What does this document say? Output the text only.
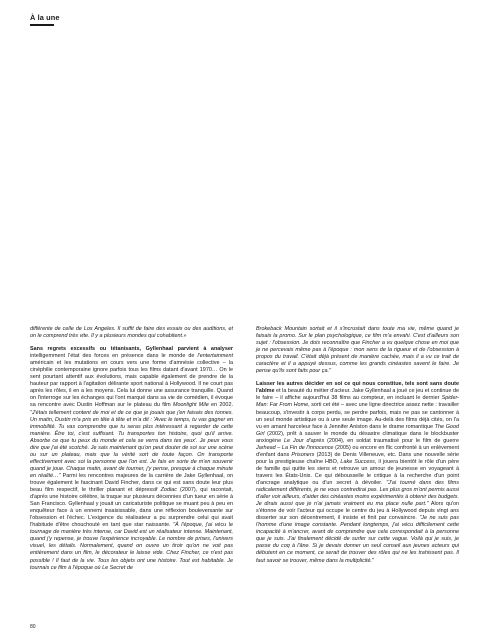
À la une

différente de celle de Los Angeles. Il suffit de faire des essais ou des auditions, et on le comprend très vite. Il y a plusieurs mondes qui cohabitent.»

Sans regrets excessifs ou tétanisants, Gyllenhaal parvient à analyser intelligemment l'état des forces en présence dans le monde de l'entertainment américain et les mutations en cours vers une forme d'amnésie collective – la cinéphilie contemporaine ignore parfois tous les films datant d'avant 1970… On le sent pourtant attentif aux évolutions, mais capable également de prendre de la hauteur par rapport à l'agitation délirante sport national à Hollywood. Il ne court pas après les rôles, il en a les moyens. Cela lui donne une assurance tranquille. Quand on l'interroge sur les échanges qui l'ont marqué dans sa vie de comédien, il évoque sa rencontre avec Dustin Hoffman sur le plateau du film Moonlight Mile en 2002. "J'étais tellement content de moi et de ce que je jouais que j'en faisais des tonnes. Un matin, Dustin m'a pris en tête à tête et m'a dit : 'Avec le temps, tu vas gagner en immobilité. Tu vas comprendre que tu seras plus intéressant à regarder de cette manière. Être toi, c'est suffisant. Tu transportes ton histoire, quoi qu'il arrive. Absorbe ce que tu peux du monde et cela se verra dans tes yeux'. Je peux vous dire que j'ai été scotché. Je sais maintenant qu'on peut douter de soi sur une scène ou sur un plateau, mais que la vérité sort de toute façon. On transporte effectivement avec soi la personne que l'on est. Je fais en sorte de m'en souvenir quand je joue. Chaque matin, avant de tourner, j'y pense, presque à chaque minute en réalité…" Parmi les rencontres majeures de la carrière de Jake Gyllenhaal, on trouve également le fascinant David Fincher, dans ce qui est sans doute leur plus beau film respectif, le thriller planant et dépressif Zodiac (2007), qui racontait, d'après une histoire célèbre, la traque sur plusieurs décennies d'un tueur en série à San Francisco. Gyllenhaal y jouait un caricaturiste politique se muant peu à peu en enquêteur face à un ennemi insaisissable, dans une réflexion bouleversante sur l'obsession et l'échec. L'exigence du réalisateur a pu surprendre celui qui avait l'habitude d'être chouchouté en tant que star naissante. "À l'époque, j'ai vécu le tournage de manière très intense, car David est un réalisateur intense. Maintenant, quand j'y repense, je trouve l'expérience incroyable. Le nombre de prises, l'univers visuel, les détails. Normalement, quand on ouvre un tiroir qu'on ne voit pas entièrement dans un film, le décorateur le laisse vide. Chez Fincher, ce n'est pas possible ! Il faut de la vie. Tous les objets ont une histoire. Tout est habitable. Je tournais ce film à l'époque où Le Secret de

Brokeback Mountain sortait et il s'incrustait dans toute ma vie, même quand je faisais la promo. Sur le plan psychologique, ce film m'a envahi. C'est d'ailleurs son sujet : l'obsession. Je dois reconnaître que Fincher a vu quelque chose en moi que je ne percevais même pas à l'époque : mon sens de la rigueur et de l'obsession à propos du travail. C'était déjà présent de manière cachée, mais il a vu ce trait de caractère et il a appuyé dessus, comme les grands cinéastes savent le faire. Je pense qu'ils sont faits pour ça."

Laisser les autres décider en soi ce qui nous constitue, tels sont sans doute l'abîme et la beauté du métier d'acteur. Jake Gyllenhaal a joué ce jeu et continue de le faire – il affiche aujourd'hui 38 films au compteur, en incluant le dernier Spider-Man: Far From Home, sorti cet été – avec une ligne directrice assez nette : travailler beaucoup, s'investir à corps perdu, se perdre parfois, mais ne pas se cantonner à un seul monde artistique ou à une seule image. Au-delà des films déjà cités, on l'a vu en amant harceleur face à Jennifer Aniston dans le drame romantique The Good Girl (2002), prêt à sauver le monde du désastre climatique dans le blockbuster anxiogène Le Jour d'après (2004), en soldat traumatisé pour le film de guerre Jarhead – La Fin de l'innocence (2005) ou encore en flic confronté à un enlèvement d'enfant dans Prisoners (2013) de Denis Villeneuve, etc. Dans une nouvelle série pour la prestigieuse chaîne HBO, Lake Success, il jouera bientôt le rôle d'un père de famille qui quitte les siens et retrouve un amour de jeunesse en voyageant à travers les États-Unis. Ce qui débousselle le critique à la recherche d'un point d'ancrage analytique ou d'un secret à dévoiler. "J'ai tourné dans des films radicalement différents, je ne vous contredirai pas. Les plus gros m'ont permis aussi d'aller voir ailleurs, d'aider des cinéastes moins expérimentés à obtenir des budgets. Je dirais aussi que je n'ai jamais vraiment eu ma place nulle part." Alors qu'on s'étonne de voir l'acteur qui occupe le centre du jeu à Hollywood depuis vingt ans disserter sur son décentrement, il insiste et finit par convaincre. "Je ne suis pas l'homme d'une image constante. Pendant longtemps, j'ai vécu difficilement cette incapacité à m'ancrer, avant de comprendre que cela correspondait à la personne que je suis. J'ai finalement décidé de surfer sur cette vague. Voilà qui je suis, je passe du coq à l'âne. Si je devais donner un seul conseil aux jeunes acteurs qui débutent en ce moment, ce serait de trouver des rôles qui ne les trahissent pas. Il faut savoir se trouver, même dans la multiplicité."

80
